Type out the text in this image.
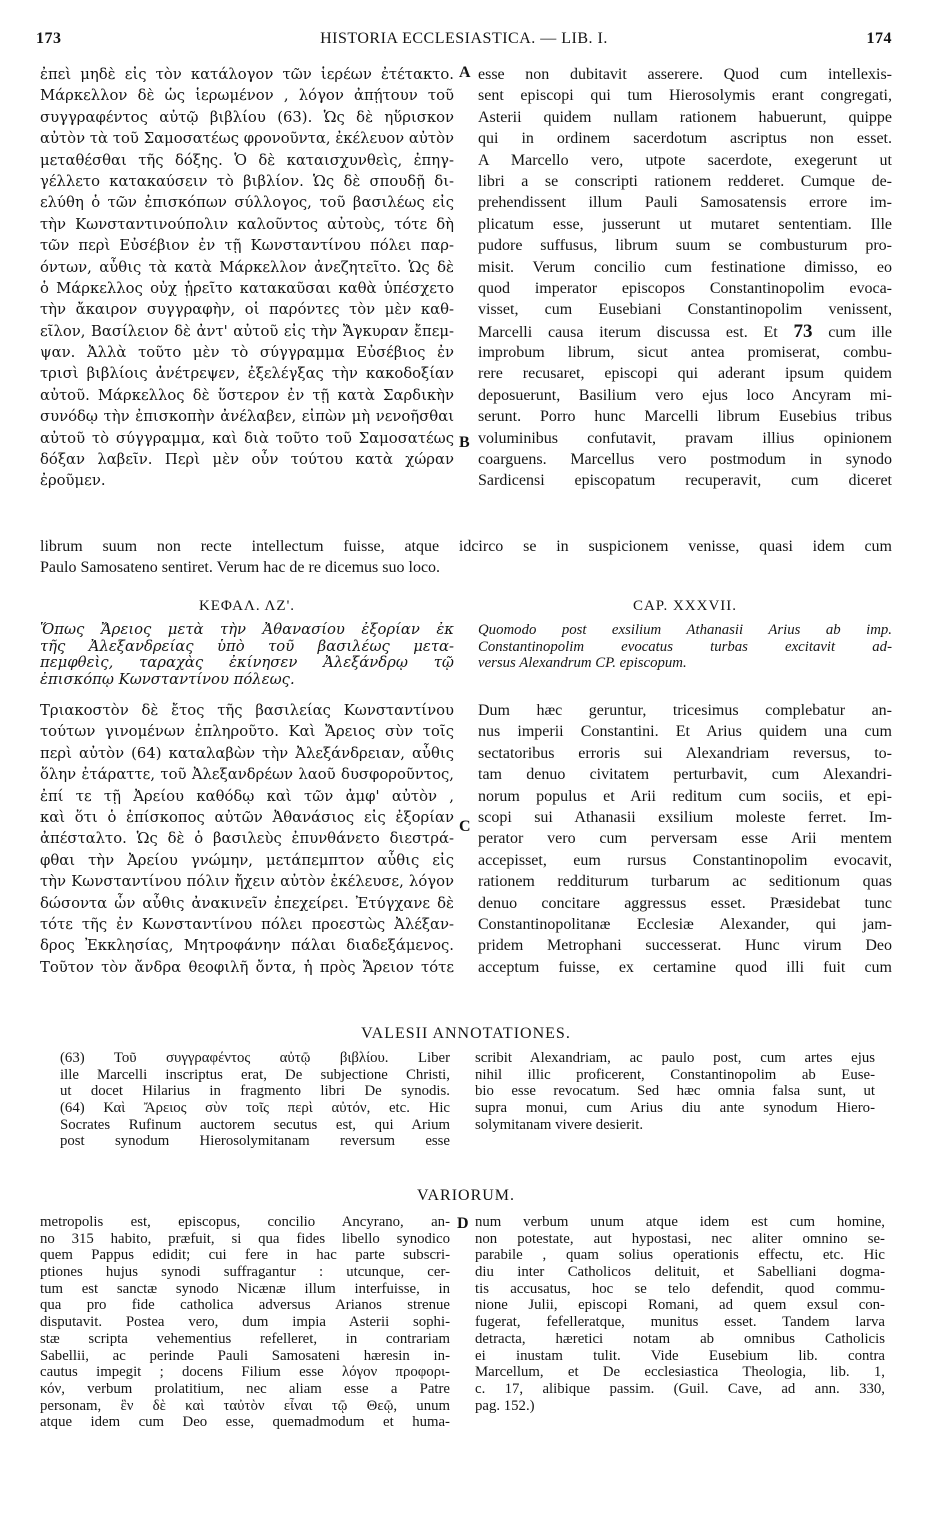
173	HISTORIA ECCLESIASTICA. — LIB. I.	174
ἐπεὶ μηδὲ εἰς τὸν κατάλογον τῶν ἱερέων ἐτέτακτο.
Μάρκελλον δὲ ὡς ἱερωμένον , λόγον ἀπῄτουν τοῦ
συγγραφέντος αὐτῷ βιβλίου (63). Ὡς δὲ ηὕρισκον
αὐτὸν τὰ τοῦ Σαμοσατέως φρονοῦντα, ἐκέλευον αὐτὸν
μεταθέσθαι τῆς δόξης. Ὁ δὲ καταισχυνθεὶς, ἐπηγ-
γέλλετο κατακαύσειν τὸ βιβλίον. Ὡς δὲ σπουδῇ δι-
ελύθη ὁ τῶν ἐπισκόπων σύλλογος, τοῦ βασιλέως εἰς
τὴν Κωνσταντινούπολιν καλοῦντος αὐτοὺς, τότε δὴ
τῶν περὶ Εὐσέβιον ἐν τῇ Κωνσταντίνου πόλει παρ-
όντων, αὖθις τὰ κατὰ Μάρκελλον ἀνεζητεῖτο. Ὡς δὲ
ὁ Μάρκελλος οὐχ ᾑρεῖτο κατακαῦσαι καθὰ ὑπέσχετο
τὴν ἄκαιρον συγγραφὴν, οἱ παρόντες τὸν μὲν καθ-
εῖλον, Βασίλειον δὲ ἀντ' αὐτοῦ εἰς τὴν Ἄγκυραν ἔπεμ-
ψαν. Ἀλλὰ τοῦτο μὲν τὸ σύγγραμμα Εὐσέβιος ἐν
τρισὶ βιβλίοις ἀνέτρεψεν, ἐξελέγξας τὴν κακοδοξίαν
αὐτοῦ. Μάρκελλος δὲ ὕστερον ἐν τῇ κατὰ Σαρδικὴν
συνόδῳ τὴν ἐπισκοπὴν ἀνέλαβεν, εἰπὼν μὴ νενοῆσθαι
αὐτοῦ τὸ σύγγραμμα, καὶ διὰ τοῦτο τοῦ Σαμοσατέως
δόξαν λαβεῖν. Περὶ μὲν οὖν τούτου κατὰ χώραν
ἐροῦμεν.
esse non dubitavit asserere. Quod cum intellexis-
sent episcopi qui tum Hierosolymis erant congregati,
Asterii quidem nullam rationem habuerunt, quippe
qui in ordinem sacerdotum ascriptus non esset.
A Marcello vero, utpote sacerdote, exegerunt ut
libri a se conscripti rationem redderet. Cumque de-
prehendissent illum Pauli Samosatensis errore im-
plicatum esse, jusserunt ut mutaret sententiam. Ille
pudore suffusus, librum suum se combusturum pro-
misit. Verum concilio cum festinatione dimisso, eo
quod imperator episcopos Constantinopolim evoca-
visset, cum Eusebiani Constantinopolim venissent,
Marcelli causa iterum discussa est. Et 73 cum ille
improbum librum, sicut antea promiserat, combu-
rere recusaret, episcopi qui aderant ipsum quidem
deposuerunt, Basilium vero ejus loco Ancyram mi-
serunt. Porro hunc Marcelli librum Eusebius tribus
voluminibus confutavit, pravam illius opinionem
coarguens. Marcellus vero postmodum in synodo
Sardicensi episcopatum recuperavit, cum diceret
A
B
C
D
librum suum non recte intellectum fuisse, atque idcirco se in suspicionem venisse, quasi idem cum
Paulo Samosateno sentiret. Verum hac de re dicemus suo loco.
ΚΕΦΑΛ. ΛΖ'.	CAP. XXXVII.
Ὅπως Ἄρειος μετὰ τὴν Ἀθανασίου ἐξορίαν ἐκ
τῆς Ἀλεξανδρείας ὑπὸ τοῦ βασιλέως μετα-
πεμφθεὶς, ταραχὰς ἐκίνησεν Ἀλεξάνδρῳ τῷ
ἐπισκόπῳ Κωνσταντίνου πόλεως.
Quomodo post exsilium Athanasii Arius ab imp.
Constantinopolim evocatus turbas excitavit ad-
versus Alexandrum CP. episcopum.
Τριακοστὸν δὲ ἔτος τῆς βασιλείας Κωνσταντίνου
τούτων γινομένων ἐπληροῦτο. Καὶ Ἄρειος σὺν τοῖς
περὶ αὐτὸν (64) καταλαβὼν τὴν Ἀλεξάνδρειαν, αὖθις
ὅλην ἐτάραττε, τοῦ Ἀλεξανδρέων λαοῦ δυσφοροῦντος,
ἐπί τε τῇ Ἀρείου καθόδῳ καὶ τῶν ἀμφ' αὐτὸν ,
καὶ ὅτι ὁ ἐπίσκοπος αὐτῶν Ἀθανάσιος εἰς ἐξορίαν
ἀπέσταλτο. Ὡς δὲ ὁ βασιλεὺς ἐπυνθάνετο διεστρά-
φθαι τὴν Ἀρείου γνώμην, μετάπεμπτον αὖθις εἰς
τὴν Κωνσταντίνου πόλιν ἤχειν αὐτὸν ἐκέλευσε, λόγον
δώσοντα ὧν αὖθις ἀνακινεῖν ἐπεχείρει. Ἐτύγχανε δὲ
τότε τῆς ἐν Κωνσταντίνου πόλει προεστὼς Ἀλέξαν-
δρος Ἐκκλησίας, Μητροφάνην πάλαι διαδεξάμενος.
Τοῦτον τὸν ἄνδρα θεοφιλῆ ὄντα, ἡ πρὸς Ἄρειον τότε
Dum hæc geruntur, tricesimus complebatur an-
nus imperii Constantini. Et Arius quidem una cum
sectatoribus erroris sui Alexandriam reversus, to-
tam denuo civitatem perturbavit, cum Alexandri-
norum populus et Arii reditum cum sociis, et epi-
scopi sui Athanasii exsilium moleste ferret. Im-
perator vero cum perversam esse Arii mentem
accepisset, eum rursus Constantinopolim evocavit,
rationem redditurum turbarum ac seditionum quas
denuo concitare aggressus esset. Præsidebat tunc
Constantinopolitanæ Ecclesiæ Alexander, qui jam-
pridem Metrophani successerat. Hunc virum Deo
acceptum fuisse, ex certamine quod illi fuit cum
VALESII ANNOTATIONES.
(63) Τοῦ συγγραφέντος αὐτῷ βιβλίου. Liber
ille Marcelli inscriptus erat, De subjectione Christi,
ut docet Hilarius in fragmento libri De synodis.
(64) Καὶ Ἄρειος σὺν τοῖς περὶ αὐτόν, etc. Hic
Socrates Rufinum auctorem secutus est, qui Arium
post synodum Hierosolymitanam reversum esse
scribit Alexandriam, ac paulo post, cum artes ejus
nihil illic proficerent, Constantinopolim ab Euse-
bio esse revocatum. Sed hæc omnia falsa sunt, ut
supra monui, cum Arius diu ante synodum Hiero-
solymitanam vivere desierit.
VARIORUM.
metropolis est, episcopus, concilio Ancyrano, an-
no 315 habito, præfuit, si qua fides libello synodico
quem Pappus edidit; cui fere in hac parte subscri-
ptiones hujus synodi suffragantur : utcunque, cer-
tum est sanctæ synodo Nicænæ illum interfuisse, in
qua pro fide catholica adversus Arianos strenue
disputavit. Postea vero, dum impia Asterii sophi-
stæ scripta vehementius refelleret, in contrariam
Sabellii, ac perinde Pauli Samosateni hæresin in-
cautus impegit ; docens Filium esse λόγον προφορι-
κόν, verbum prolatitium, nec aliam esse a Patre
personam, ἓν δὲ καὶ ταὐτὸν εἶναι τῷ Θεῷ, unum
atque idem cum Deo esse, quemadmodum et huma-
num verbum unum atque idem est cum homine,
non potestate, aut hypostasi, nec aliter omnino se-
parabile , quam solius operationis effectu, etc. Hic
diu inter Catholicos delituit, et Sabelliani dogma-
tis accusatus, hoc se telo defendit, quod commu-
nione Julii, episcopi Romani, ad quem exsul con-
fugerat, fefelleratque, munitus esset. Tandem larva
detracta, hæretici notam ab omnibus Catholicis
ei inustam tulit. Vide Eusebium lib. contra
Marcellum, et De ecclesiastica Theologia, lib. 1,
c. 17, alibique passim. (Guil. Cave, ad ann. 330,
pag. 152.)
